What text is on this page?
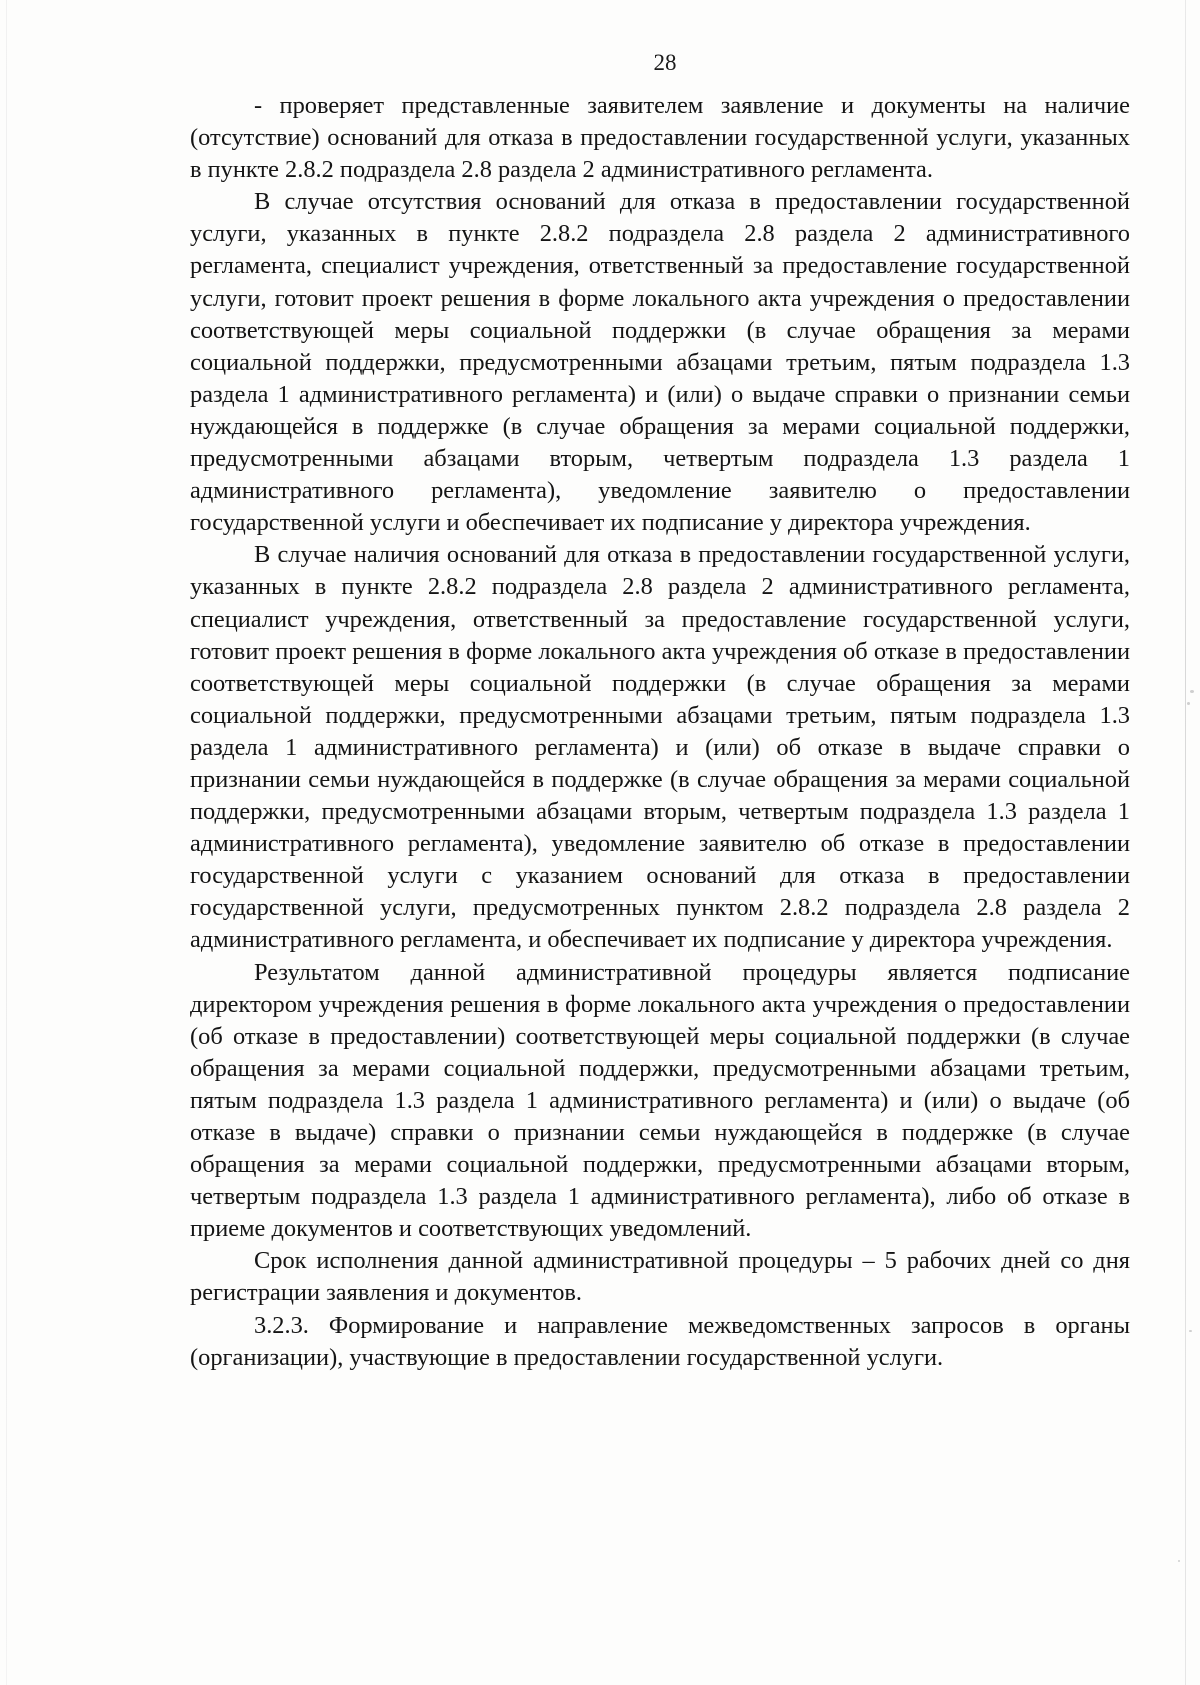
28

- проверяет представленные заявителем заявление и документы на наличие (отсутствие) оснований для отказа в предоставлении государственной услуги, указанных в пункте 2.8.2 подраздела 2.8 раздела 2 административного регламента.

В случае отсутствия оснований для отказа в предоставлении государственной услуги, указанных в пункте 2.8.2 подраздела 2.8 раздела 2 административного регламента, специалист учреждения, ответственный за предоставление государственной услуги, готовит проект решения в форме локального акта учреждения о предоставлении соответствующей меры социальной поддержки (в случае обращения за мерами социальной поддержки, предусмотренными абзацами третьим, пятым подраздела 1.3 раздела 1 административного регламента) и (или) о выдаче справки о признании семьи нуждающейся в поддержке (в случае обращения за мерами социальной поддержки, предусмотренными абзацами вторым, четвертым подраздела 1.3 раздела 1 административного регламента), уведомление заявителю о предоставлении государственной услуги и обеспечивает их подписание у директора учреждения.

В случае наличия оснований для отказа в предоставлении государственной услуги, указанных в пункте 2.8.2 подраздела 2.8 раздела 2 административного регламента, специалист учреждения, ответственный за предоставление государственной услуги, готовит проект решения в форме локального акта учреждения об отказе в предоставлении соответствующей меры социальной поддержки (в случае обращения за мерами социальной поддержки, предусмотренными абзацами третьим, пятым подраздела 1.3 раздела 1 административного регламента) и (или) об отказе в выдаче справки о признании семьи нуждающейся в поддержке (в случае обращения за мерами социальной поддержки, предусмотренными абзацами вторым, четвертым подраздела 1.3 раздела 1 административного регламента), уведомление заявителю об отказе в предоставлении государственной услуги с указанием оснований для отказа в предоставлении государственной услуги, предусмотренных пунктом 2.8.2 подраздела 2.8 раздела 2 административного регламента, и обеспечивает их подписание у директора учреждения.

Результатом данной административной процедуры является подписание директором учреждения решения в форме локального акта учреждения о предоставлении (об отказе в предоставлении) соответствующей меры социальной поддержки (в случае обращения за мерами социальной поддержки, предусмотренными абзацами третьим, пятым подраздела 1.3 раздела 1 административного регламента) и (или) о выдаче (об отказе в выдаче) справки о признании семьи нуждающейся в поддержке (в случае обращения за мерами социальной поддержки, предусмотренными абзацами вторым, четвертым подраздела 1.3 раздела 1 административного регламента), либо об отказе в приеме документов и соответствующих уведомлений.

Срок исполнения данной административной процедуры – 5 рабочих дней со дня регистрации заявления и документов.

3.2.3. Формирование и направление межведомственных запросов в органы (организации), участвующие в предоставлении государственной услуги.
